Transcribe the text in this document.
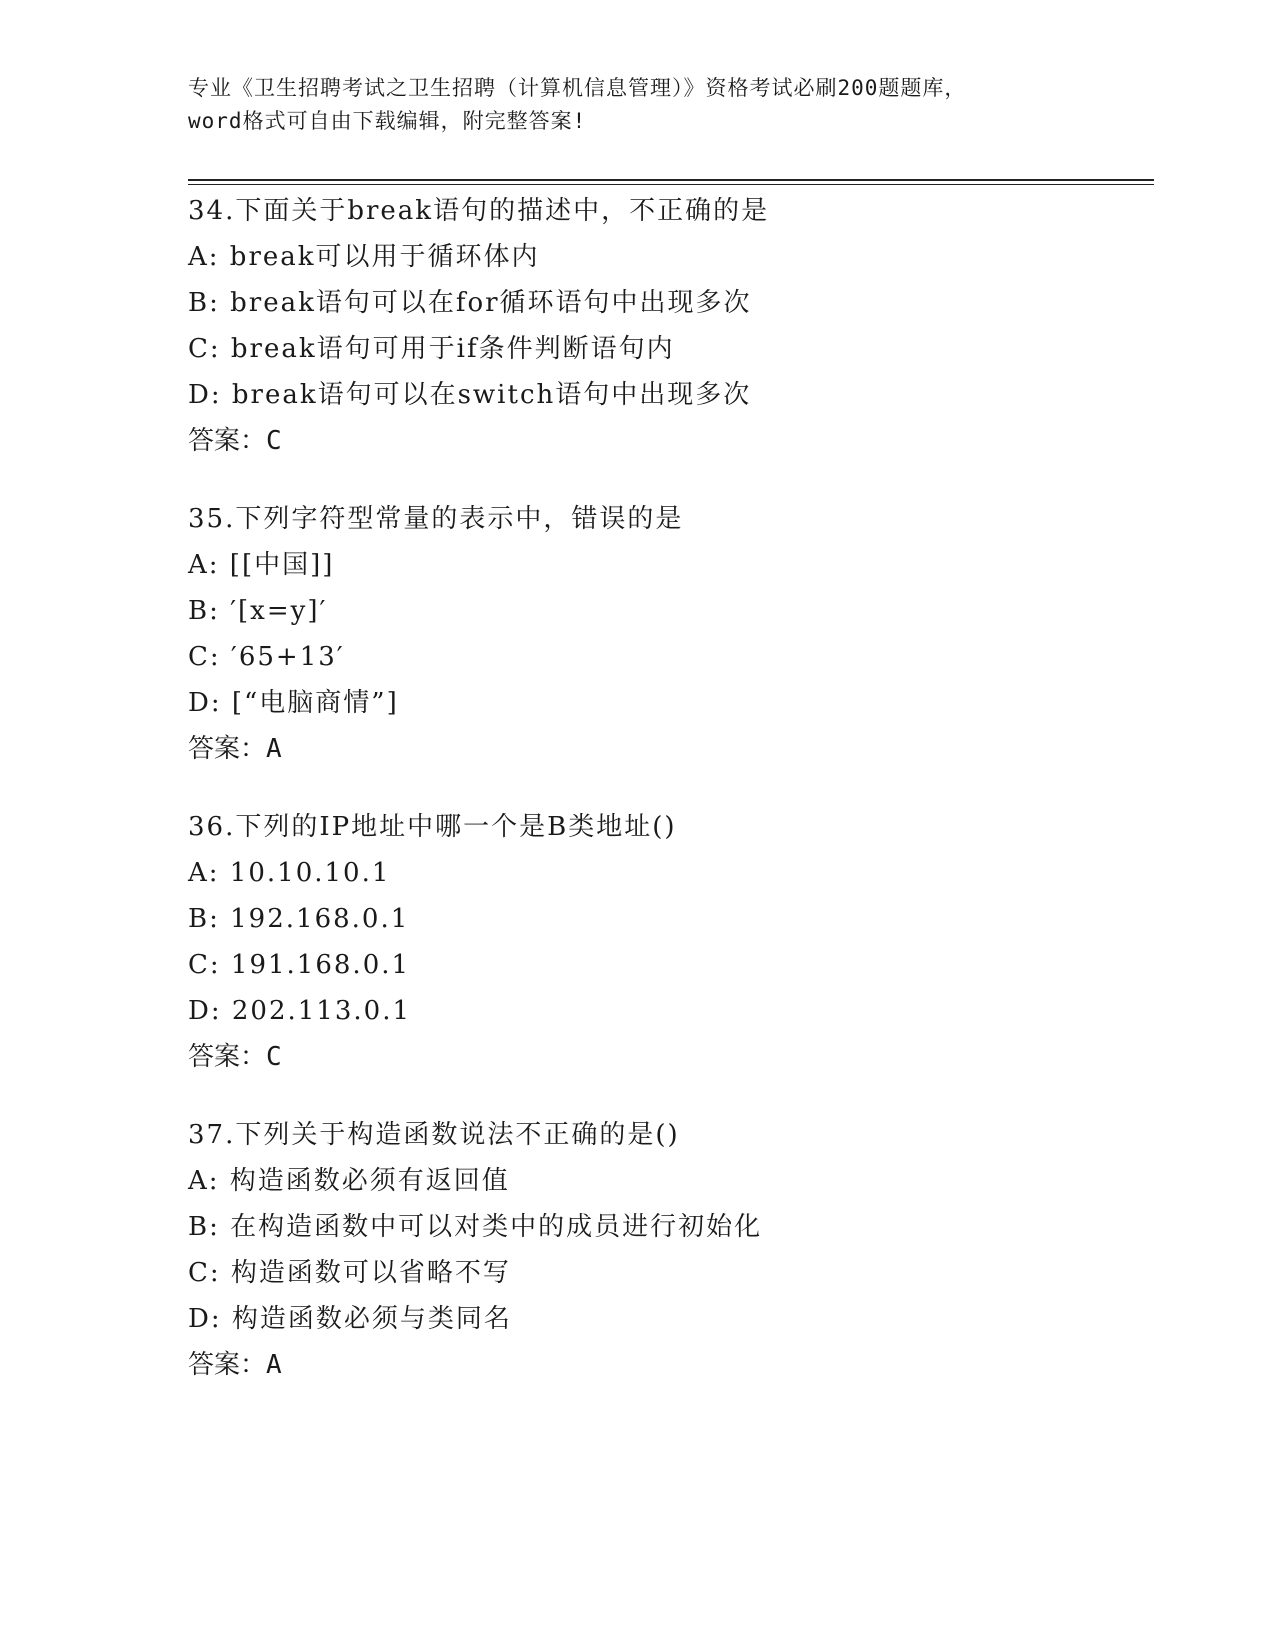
专业《卫生招聘考试之卫生招聘（计算机信息管理）》资格考试必刷200题题库，
word格式可自由下载编辑，附完整答案!
34.下面关于break语句的描述中，不正确的是
A: break可以用于循环体内
B: break语句可以在for循环语句中出现多次
C: break语句可用于if条件判断语句内
D: break语句可以在switch语句中出现多次
答案：C
35.下列字符型常量的表示中，错误的是
A: [[中国]]
B: ′[x=y]′
C: ′65+13′
D: [“电脑商情”]
答案：A
36.下列的IP地址中哪一个是B类地址()
A: 10.10.10.1
B: 192.168.0.1
C: 191.168.0.1
D: 202.113.0.1
答案：C
37.下列关于构造函数说法不正确的是()
A: 构造函数必须有返回值
B: 在构造函数中可以对类中的成员进行初始化
C: 构造函数可以省略不写
D: 构造函数必须与类同名
答案：A
